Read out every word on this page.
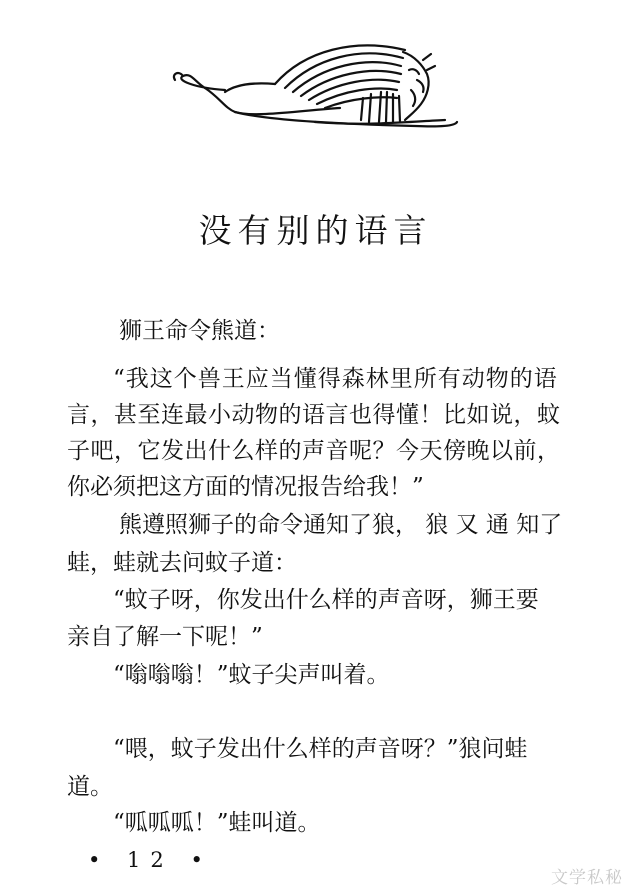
没有别的语言
狮王命令熊道：
“我这个兽王应当懂得森林里所有动物的语
言，甚至连最小动物的语言也得懂！比如说，蚊
子吧，它发出什么样的声音呢？今天傍晚以前，
你必须把这方面的情况报告给我！”
熊遵照狮子的命令通知了狼， 狼 又 通 知了
蛙，蛙就去问蚊子道：
“蚊子呀，你发出什么样的声音呀，狮王要
亲自了解一下呢！”
“嗡嗡嗡！”蚊子尖声叫着。
“喂，蚊子发出什么样的声音呀？”狼问蛙
道。
“呱呱呱！”蛙叫道。
• 12 •
文学私秘
